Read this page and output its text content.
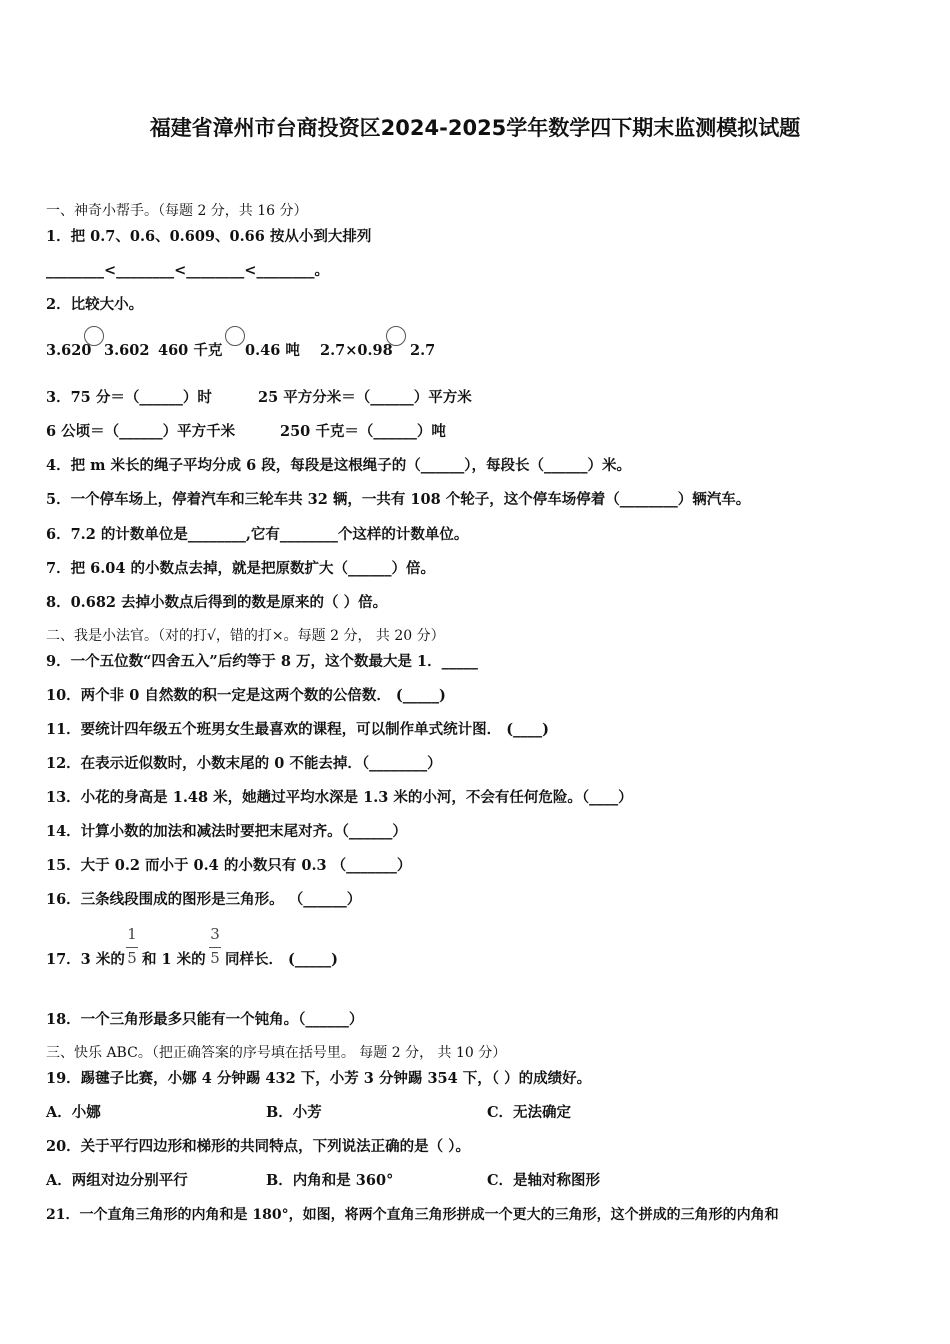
福建省漳州市台商投资区2024-2025学年数学四下期末监测模拟试题
一、神奇小帮手。（每题 2 分，共 16 分）
1．把 0.7、0.6、0.609、0.66 按从小到大排列
________<________<________<________。
2．比较大小。
3.620 3.602 460 千克 0.46 吨 2.7×0.98 2.7
3．75 分＝（______）时	25 平方分米＝（______）平方米
6 公顷＝（______）平方千米	250 千克＝（______）吨
4．把 m 米长的绳子平均分成 6 段，每段是这根绳子的（______），每段长（______）米。
5．一个停车场上，停着汽车和三轮车共 32 辆，一共有 108 个轮子，这个停车场停着（________）辆汽车。
6．7.2 的计数单位是________,它有________个这样的计数单位。
7．把 6.04 的小数点去掉，就是把原数扩大（______）倍。
8．0.682 去掉小数点后得到的数是原来的（ ）倍。
二、我是小法官。（对的打√，错的打×。每题 2 分， 共 20 分）
9．一个五位数“四舍五入”后约等于 8 万，这个数最大是 1．_____
10．两个非 0 自然数的积一定是这两个数的公倍数． (_____)
11．要统计四年级五个班男女生最喜欢的课程，可以制作单式统计图． (____)
12．在表示近似数时，小数末尾的 0 不能去掉．（________）
13．小花的身高是 1.48 米，她趟过平均水深是 1.3 米的小河，不会有任何危险。（____）
14．计算小数的加法和减法时要把末尾对齐。（______）
15．大于 0.2 而小于 0.4 的小数只有 0.3 （_______）
16．三条线段围成的图形是三角形。 （______）
17．3 米的
1
5 和 1 米的
3
5 同样长． (_____)
18．一个三角形最多只能有一个钝角。（______）
三、快乐 ABC。（把正确答案的序号填在括号里。 每题 2 分， 共 10 分）
19．踢毽子比赛，小娜 4 分钟踢 432 下，小芳 3 分钟踢 354 下，（ ）的成绩好。
A．小娜	B．小芳	C．无法确定
20．关于平行四边形和梯形的共同特点，下列说法正确的是（ ）。
A．两组对边分别平行	B．内角和是 360°	C．是轴对称图形
21．一个直角三角形的内角和是 180°，如图，将两个直角三角形拼成一个更大的三角形，这个拼成的三角形的内角和
